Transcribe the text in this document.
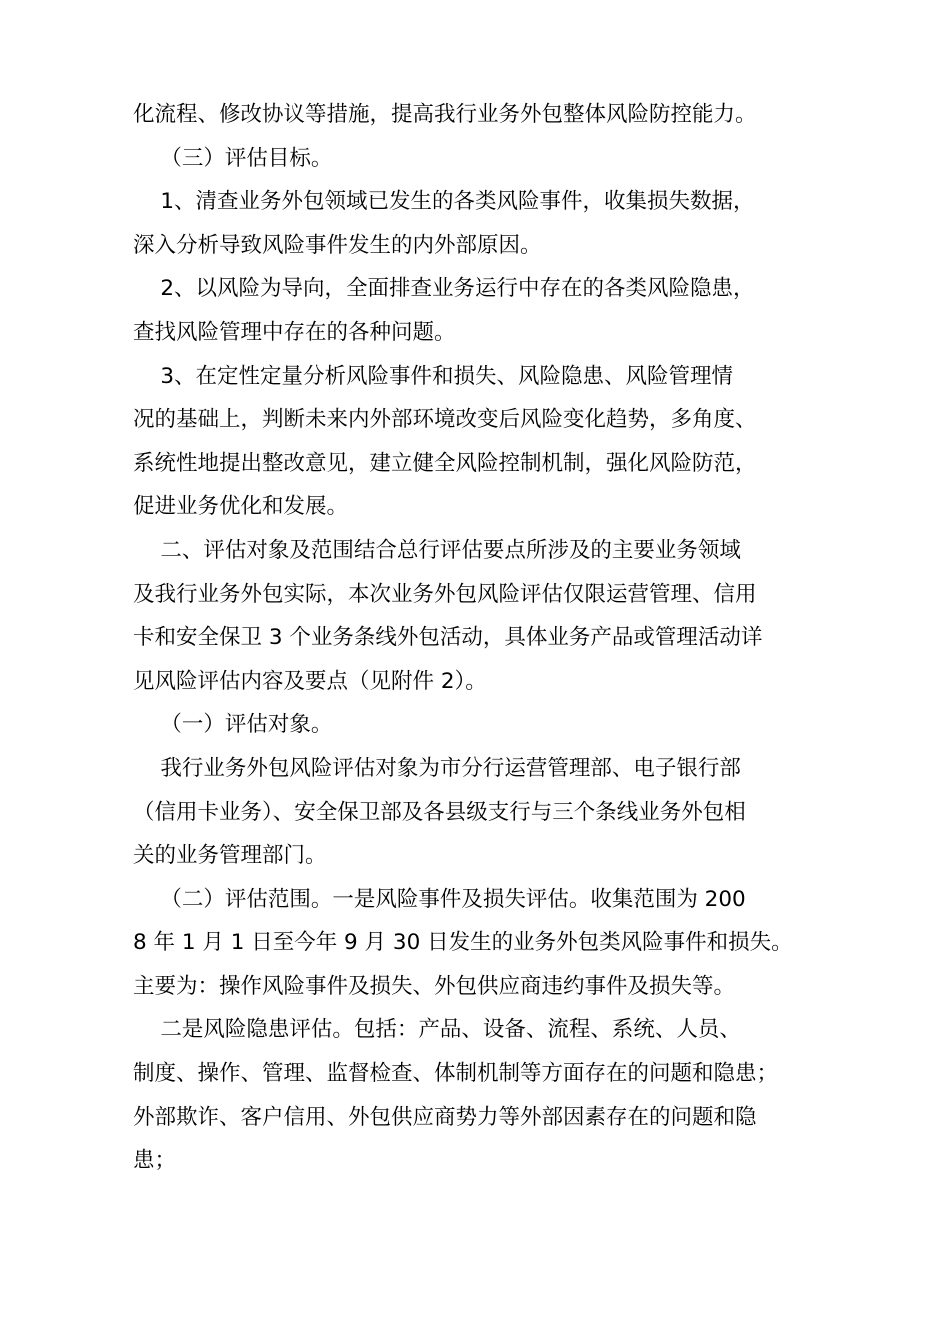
化流程、修改协议等措施，提高我行业务外包整体风险防控能力。

（三）评估目标。

1、清查业务外包领域已发生的各类风险事件，收集损失数据，

深入分析导致风险事件发生的内外部原因。

2、以风险为导向，全面排查业务运行中存在的各类风险隐患，

查找风险管理中存在的各种问题。

3、在定性定量分析风险事件和损失、风险隐患、风险管理情

况的基础上，判断未来内外部环境改变后风险变化趋势，多角度、

系统性地提出整改意见，建立健全风险控制机制，强化风险防范，

促进业务优化和发展。

二、评估对象及范围结合总行评估要点所涉及的主要业务领域

及我行业务外包实际，本次业务外包风险评估仅限运营管理、信用

卡和安全保卫 3 个业务条线外包活动，具体业务产品或管理活动详

见风险评估内容及要点（见附件 2）。

（一）评估对象。

我行业务外包风险评估对象为市分行运营管理部、电子银行部

（信用卡业务）、安全保卫部及各县级支行与三个条线业务外包相

关的业务管理部门。

（二）评估范围。一是风险事件及损失评估。收集范围为 200

8 年 1 月 1 日至今年 9 月 30 日发生的业务外包类风险事件和损失。

主要为：操作风险事件及损失、外包供应商违约事件及损失等。

二是风险隐患评估。包括：产品、设备、流程、系统、人员、

制度、操作、管理、监督检查、体制机制等方面存在的问题和隐患；

外部欺诈、客户信用、外包供应商势力等外部因素存在的问题和隐

患；
